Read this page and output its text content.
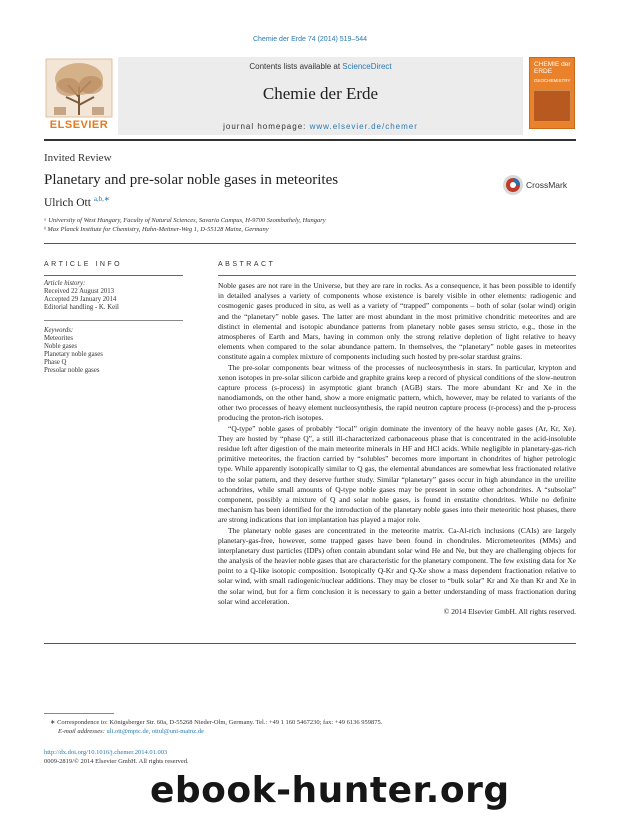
Chemie der Erde 74 (2014) 519–544
Contents lists available at ScienceDirect
Chemie der Erde
journal homepage: www.elsevier.de/chemer
ELSEVIER
CHEMIE der ERDE
GEOCHEMISTRY
Invited Review
Planetary and pre-solar noble gases in meteorites
Ulrich Ott $^{a,b,∗}$
CrossMark
ᵃ University of West Hungary, Faculty of Natural Sciences, Savaria Campus, H-9700 Szombathely, Hungary
ᵇ Max Planck Institute for Chemistry, Hahn-Meitner-Weg 1, D-55128 Mainz, Germany
ARTICLE INFO
Article history:
Received 22 August 2013
Accepted 29 January 2014
Editorial handling - K. Keil
Keywords:
Meteorites
Noble gases
Planetary noble gases
Phase Q
Presolar noble gases
ABSTRACT

Noble gases are not rare in the Universe, but they are rare in rocks. As a consequence, it has been possible to identify in detailed analyses a variety of components whose existence is barely visible in other elements: radiogenic and cosmogenic gases produced in situ, as well as a variety of “trapped” components – both of solar (solar wind) origin and the “planetary” noble gases. The latter are most abundant in the most primitive chondritic meteorites and are distinct in elemental and isotopic abundance patterns from planetary noble gases sensu stricto, e.g., those in the atmospheres of Earth and Mars, having in common only the strong relative depletion of light relative to heavy elements when compared to the solar abundance pattern. In themselves, the “planetary” noble gases in meteorites constitute again a complex mixture of components including such hosted by pre-solar stardust grains.

The pre-solar components bear witness of the processes of nucleosynthesis in stars. In particular, krypton and xenon isotopes in pre-solar silicon carbide and graphite grains keep a record of physical conditions of the slow-neutron capture process (s-process) in asymptotic giant branch (AGB) stars. The more abundant Kr and Xe in the nanodiamonds, on the other hand, show a more enigmatic pattern, which, however, may be related to variants of the other two processes of heavy element nucleosynthesis, the rapid neutron capture process (r-process) and the p-process producing the proton-rich isotopes.

“Q-type” noble gases of probably “local” origin dominate the inventory of the heavy noble gases (Ar, Kr, Xe). They are hosted by “phase Q”, a still ill-characterized carbonaceous phase that is concentrated in the acid-insoluble residue left after digestion of the main meteorite minerals in HF and HCl acids. While negligible in planetary-gas-rich primitive meteorites, the fraction carried by “solubles” becomes more important in chondrites of higher petrologic type. While apparently isotopically similar to Q gas, the elemental abundances are somewhat less fractionated relative to the solar pattern, and they deserve further study. Similar “planetary” gases occur in high abundance in the ureilite achondrites, while small amounts of Q-type noble gases may be present in some other achondrites. A “subsolar” component, possibly a mixture of Q and solar noble gases, is found in enstatite chondrites. While no definite mechanism has been identified for the introduction of the planetary noble gases into their meteoritic host phases, there are strong indications that ion implantation has played a major role.

The planetary noble gases are concentrated in the meteorite matrix. Ca-Al-rich inclusions (CAIs) are largely planetary-gas-free, however, some trapped gases have been found in chondrules. Micrometeorites (MMs) and interplanetary dust particles (IDPs) often contain abundant solar wind He and Ne, but they are challenging objects for the analysis of the heavier noble gases that are characteristic for the planetary component. The few existing data for Xe point to a Q-like isotopic composition. Isotopically Q-Kr and Q-Xe show a mass dependent fractionation relative to solar wind, with small radiogenic/nuclear additions. They may be closer to “bulk solar” Kr and Xe than Kr and Xe in the solar wind, but for a firm conclusion it is necessary to gain a better understanding of mass fractionation during solar wind acceleration.

© 2014 Elsevier GmbH. All rights reserved.
∗ Correspondence to: Königsberger Str. 60a, D-55268 Nieder-Olm, Germany. Tel.: +49 1 160 5467230; fax: +49 6136 959875.
E-mail addresses: uli.ott@mpic.de, ottul@uni-mainz.de
http://dx.doi.org/10.1016/j.chemer.2014.01.003
0009-2819/© 2014 Elsevier GmbH. All rights reserved.
ebook-hunter.org
